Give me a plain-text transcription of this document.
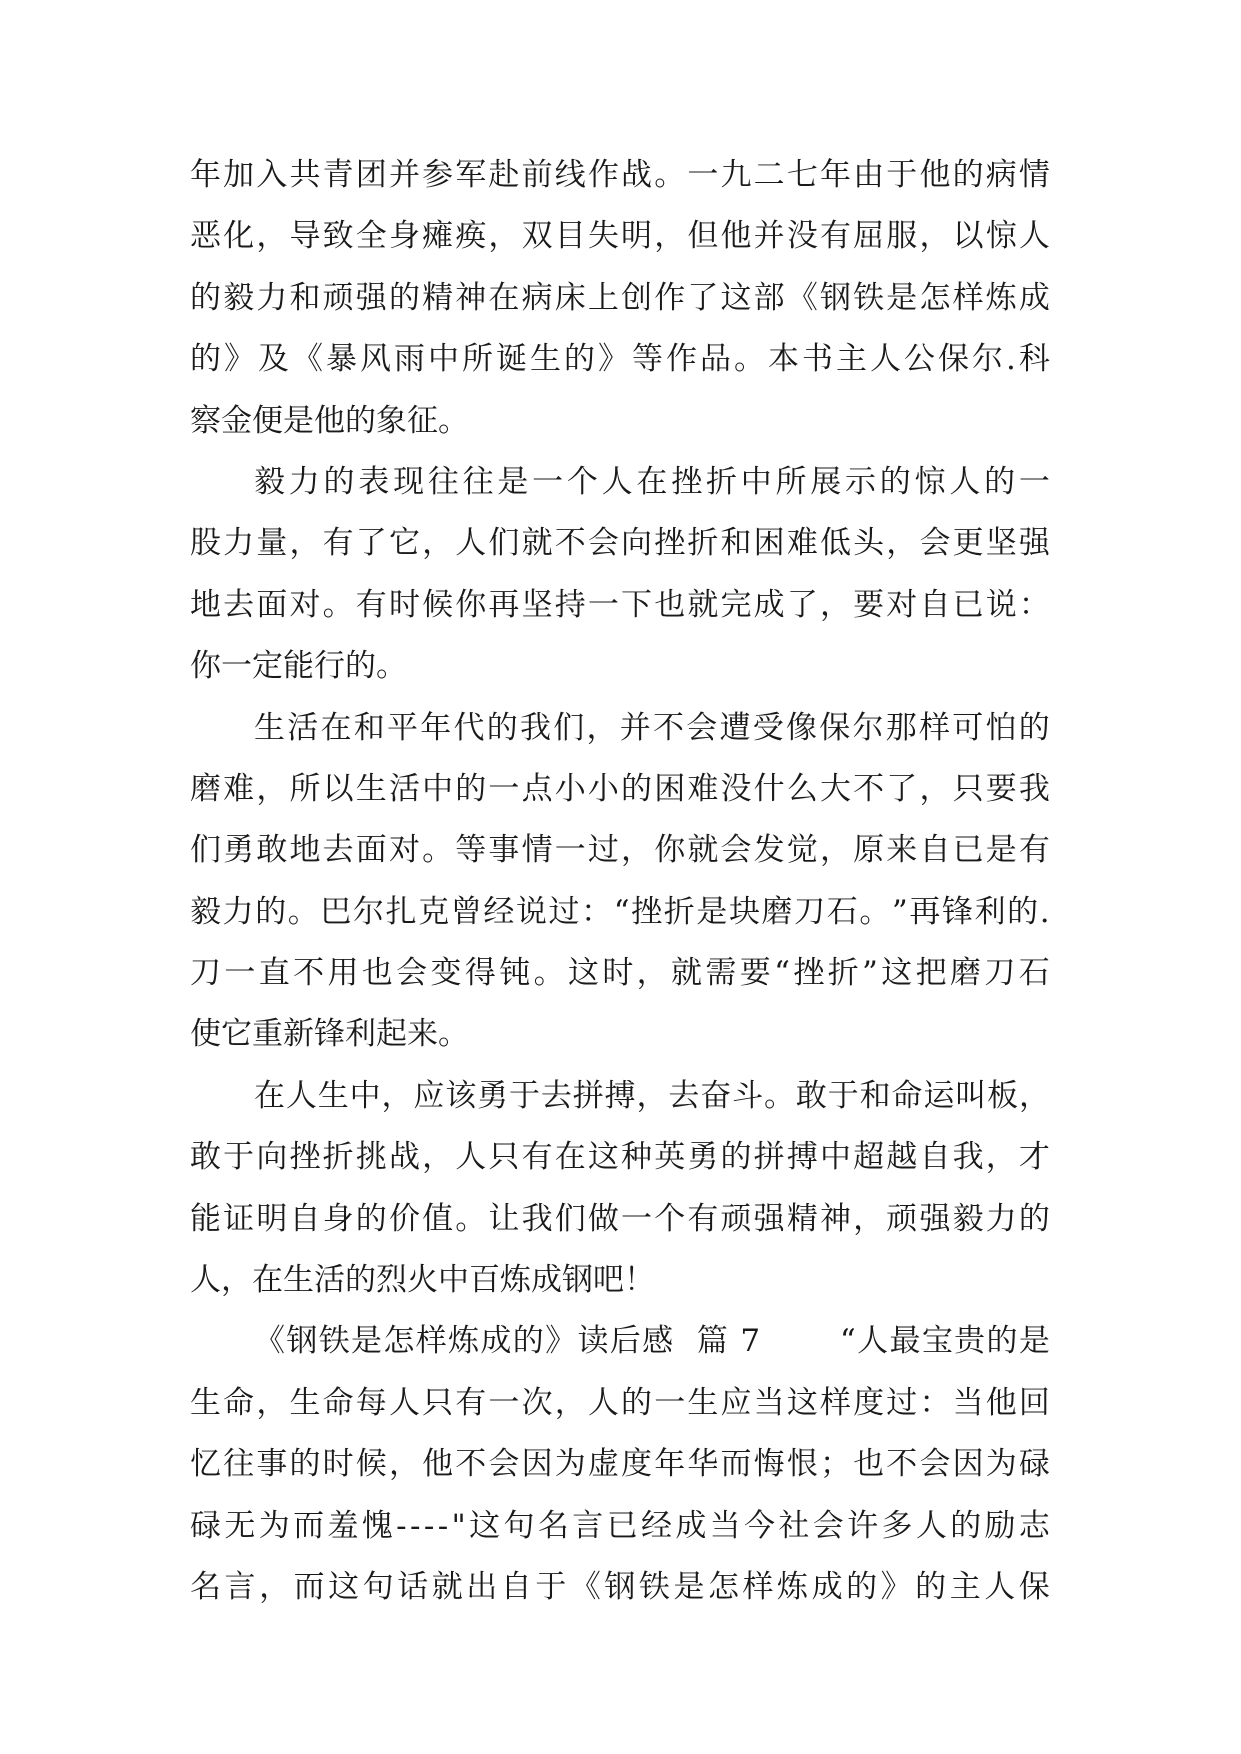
年 加 入 共 青 团 并 参 军 赴 前 线 作 战 。 一 九 二 七 年 由 于 他 的 病 情
恶 化 ， 导 致 全 身 瘫 痪 ， 双 目 失 明 ， 但 他 并 没 有 屈 服 ， 以 惊 人
的 毅 力 和 顽 强 的 精 神 在 病 床 上 创 作 了 这 部 《 钢 铁 是 怎 样 炼 成
的 》 及 《 暴 风 雨 中 所 诞 生 的 》 等 作 品 。 本 书 主 人 公 保 尔 . 科
察金便是他的象征。
毅 力 的 表 现 往 往 是 一 个 人 在 挫 折 中 所 展 示 的 惊 人 的 一
股 力 量 ， 有 了 它 ， 人 们 就 不 会 向 挫 折 和 困 难 低 头 ， 会 更 坚 强
地 去 面 对 。 有 时 候 你 再 坚 持 一 下 也 就 完 成 了 ， 要 对 自 已 说 ：
你一定能行的。
生 活 在 和 平 年 代 的 我 们 ， 并 不 会 遭 受 像 保 尔 那 样 可 怕 的
磨 难 ， 所 以 生 活 中 的 一 点 小 小 的 困 难 没 什 么 大 不 了 ， 只 要 我
们 勇 敢 地 去 面 对 。 等 事 情 一 过 ， 你 就 会 发 觉 ， 原 来 自 已 是 有
毅 力 的 。 巴 尔 扎 克 曾 经 说 过 ： “ 挫 折 是 块 磨 刀 石 。 ” 再 锋 利 的 .
刀 一 直 不 用 也 会 变 得 钝 。 这 时 ， 就 需 要 “ 挫 折 ” 这 把 磨 刀 石
使它重新锋利起来。
在 人 生 中 ， 应 该 勇 于 去 拼 搏 ， 去 奋 斗 。 敢 于 和 命 运 叫 板 ，
敢 于 向 挫 折 挑 战 ， 人 只 有 在 这 种 英 勇 的 拼 搏 中 超 越 自 我 ， 才
能 证 明 自 身 的 价 值 。 让 我 们 做 一 个 有 顽 强 精 神 ， 顽 强 毅 力 的
人，在生活的烈火中百炼成钢吧！
《 钢 铁 是 怎 样 炼 成 的 》 读 后 感

篇
7

	“ 人 最 宝 贵 的 是
生 命 ， 生 命 每 人 只 有 一 次 ， 人 的 一 生 应 当 这 样 度 过 ： 当 他 回
忆 往 事 的 时 候 ， 他 不 会 因 为 虚 度 年 华 而 悔 恨 ； 也 不 会 因 为 碌
碌 无 为 而 羞 愧 - - - - " 这 句 名 言 已 经 成 当 今 社 会 许 多 人 的 励 志
名 言 ， 而 这 句 话 就 出 自 于 《 钢 铁 是 怎 样 炼 成 的 》 的 主 人 保
